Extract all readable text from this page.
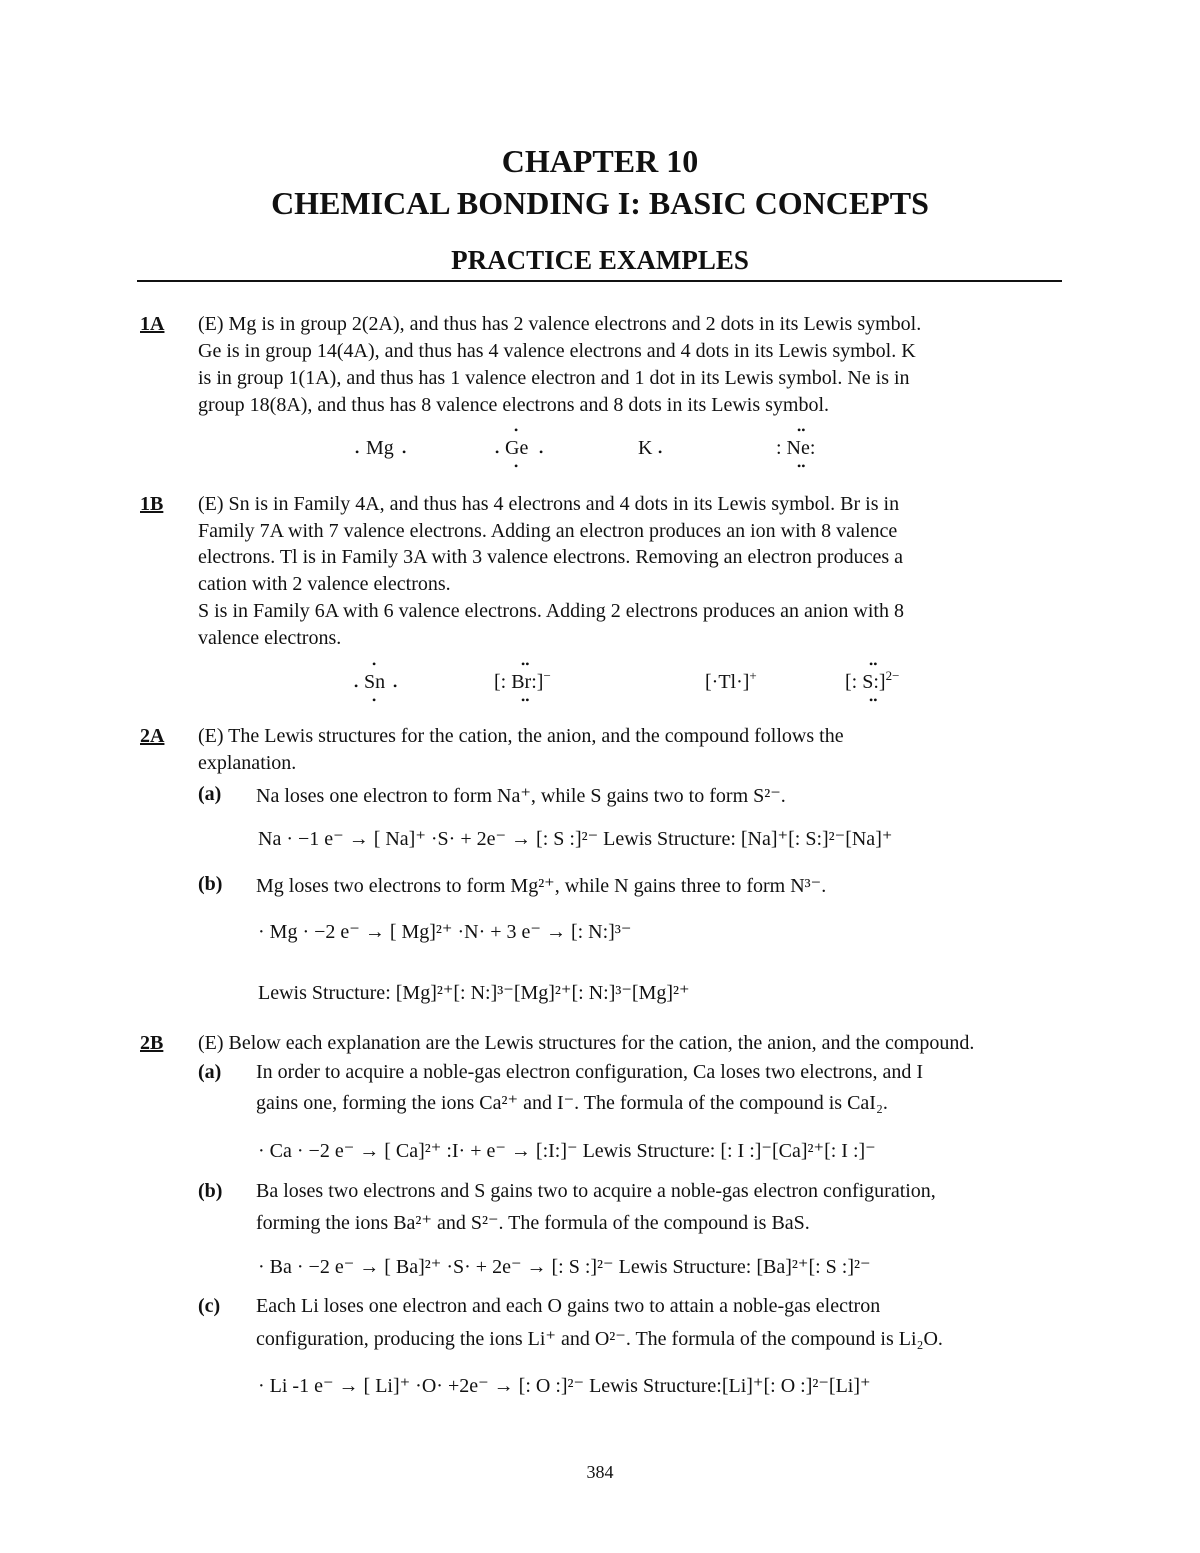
CHAPTER 10
CHEMICAL BONDING I: BASIC CONCEPTS
PRACTICE EXAMPLES
1A (E) Mg is in group 2(2A), and thus has 2 valence electrons and 2 dots in its Lewis symbol.
Ge is in group 14(4A), and thus has 4 valence electrons and 4 dots in its Lewis symbol. K
is in group 1(1A), and thus has 1 valence electron and 1 dot in its Lewis symbol. Ne is in
group 18(8A), and thus has 8 valence electrons and 8 dots in its Lewis symbol.
Mg
•	•	Ge
•	•
•
•
K •	: Ne:
••
••
1B (E) Sn is in Family 4A, and thus has 4 electrons and 4 dots in its Lewis symbol. Br is in
Family 7A with 7 valence electrons. Adding an electron produces an ion with 8 valence
electrons. Tl is in Family 3A with 3 valence electrons. Removing an electron produces a
cation with 2 valence electrons.
S is in Family 6A with 6 valence electrons. Adding 2 electrons produces an anion with 8
valence electrons.
Sn
•	•
•
•
[: Br:]−
••
••
[·Tl·]+	[: S:]$^{2-}$
••
••
2A (E) The Lewis structures for the cation, the anion, and the compound follows the
explanation.
(a) Na loses one electron to form Na⁺, while S gains two to form S²⁻.
Na · −1 e⁻ → [ Na]⁺ ·S· + 2e⁻ → [: S :]²⁻ Lewis Structure: [Na]⁺[: S:]²⁻[Na]⁺
(b) Mg loses two electrons to form Mg²⁺, while N gains three to form N³⁻.
· Mg · −2 e⁻ → [ Mg]²⁺ ·N· + 3 e⁻ → [: N:]³⁻
Lewis Structure: [Mg]²⁺[: N:]³⁻[Mg]²⁺[: N:]³⁻[Mg]²⁺
2B (E) Below each explanation are the Lewis structures for the cation, the anion, and the compound.
(a) In order to acquire a noble-gas electron configuration, Ca loses two electrons, and I
gains one, forming the ions Ca²⁺ and I⁻. The formula of the compound is CaI₂.
· Ca · −2 e⁻ → [ Ca]²⁺ :I· + e⁻ → [:I:]⁻ Lewis Structure: [: I :]⁻[Ca]²⁺[: I :]⁻
(b) Ba loses two electrons and S gains two to acquire a noble-gas electron configuration,
forming the ions Ba²⁺ and S²⁻. The formula of the compound is BaS.
· Ba · −2 e⁻ → [ Ba]²⁺ ·S· + 2e⁻ → [: S :]²⁻ Lewis Structure: [Ba]²⁺[: S :]²⁻
(c) Each Li loses one electron and each O gains two to attain a noble-gas electron
configuration, producing the ions Li⁺ and O²⁻. The formula of the compound is Li₂O.
· Li -1 e⁻ → [ Li]⁺ ·O· +2e⁻ → [: O :]²⁻ Lewis Structure:[Li]⁺[: O :]²⁻[Li]⁺
384
